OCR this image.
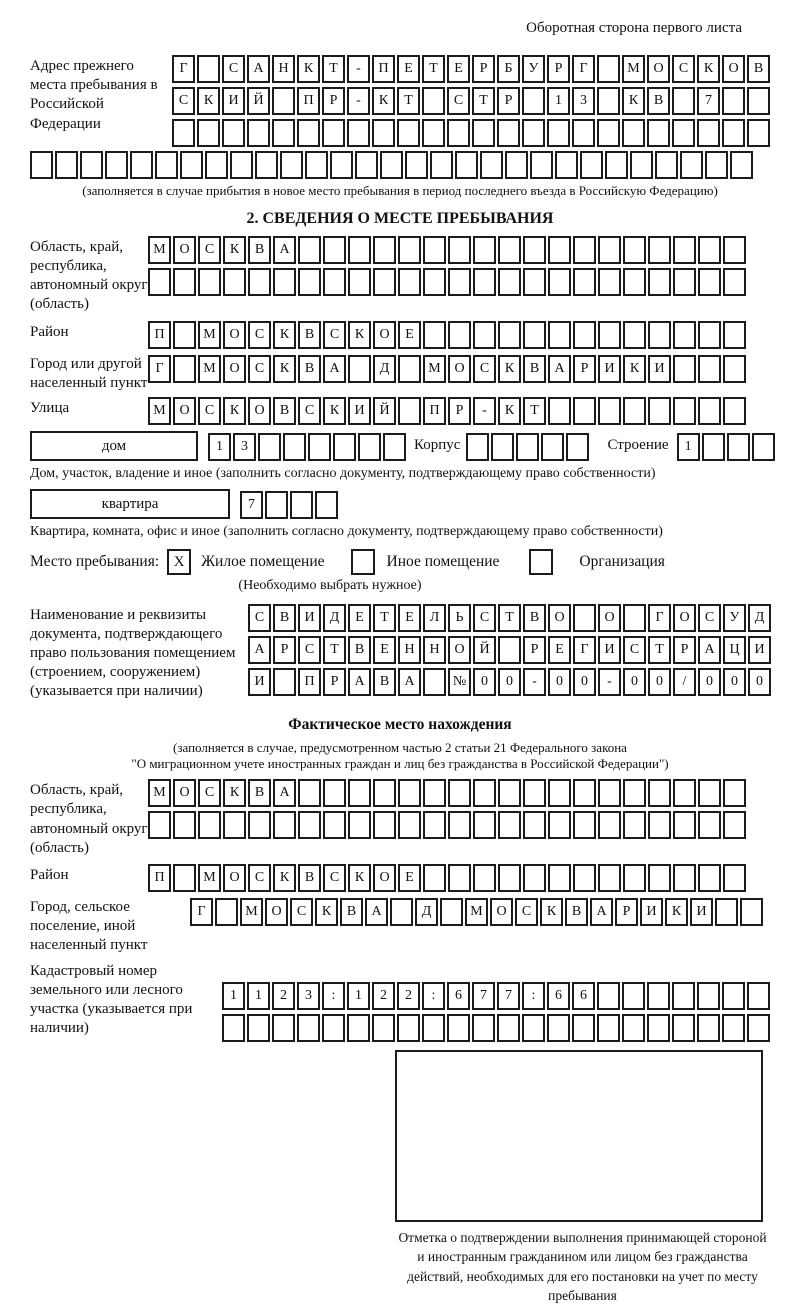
Оборотная сторона первого листа
Адрес прежнего места пребывания в Российской Федерации
Г	С	А	Н	К	Т	-	П	Е	Т	Е	Р	Б	У	Р	Г	М О	С	К	О	В
С	К	И	Й	П	Р	-	К	Т	С	Т	Р	1	3	К	В	7
(заполняется в случае прибытия в новое место пребывания в период последнего въезда в Российскую Федерацию)
2. СВЕДЕНИЯ О МЕСТЕ ПРЕБЫВАНИЯ
Область, край, республика, автономный округ (область)
М О	С	К	В	А
Район	П	М О	С	К	В	С	К	О	Е
Город или другой населенный пункт
Г	М О	С	К	В	А	Д	М О	С	К	В	А	Р	И	К	И
Улица	М О	С	К	О	В	С	К	И	Й	П	Р	-	К	Т
дом	1	3	Корпус	Строение	1
Дом, участок, владение и иное (заполнить согласно документу, подтверждающему право собственности)
квартира	7
Квартира, комната, офис и иное (заполнить согласно документу, подтверждающему право собственности)
Место пребывания: X	Жилое помещение	Иное помещение	Организация
(Необходимо выбрать нужное)
Наименование и реквизиты документа, подтверждающего право пользования помещением (строением, сооружением) (указывается при наличии)
С	В	И	Д	Е	Т	Е	Л	Ь	С	Т	В	О	О	Г	О	С	У	Д
А	Р	С	Т	В	Е	Н	Н	О	Й	Р	Е	Г	И	С	Т	Р	А	Ц	И
И	П	Р	А	В	А	№	0	0	-	0	0	-	0	0	/	0	0	0
Фактическое место нахождения
(заполняется в случае, предусмотренном частью 2 статьи 21 Федерального закона
"О миграционном учете иностранных граждан и лиц без гражданства в Российской Федерации")
Область, край, республика, автономный округ (область)
М О	С	К	В	А
Район	П	М О	С	К	В	С	К	О	Е
Город, сельское поселение, иной населенный пункт
Г	М О	С	К	В	А	Д	М О	С	К	В	А	Р	И	К	И
Кадастровый номер земельного или лесного участка (указывается при наличии)
1	1	2	3	:	1	2	2	:	6	7	7	:	6	6
Отметка о подтверждении выполнения принимающей стороной и иностранным гражданином или лицом без гражданства действий, необходимых для его постановки на учет по месту пребывания
